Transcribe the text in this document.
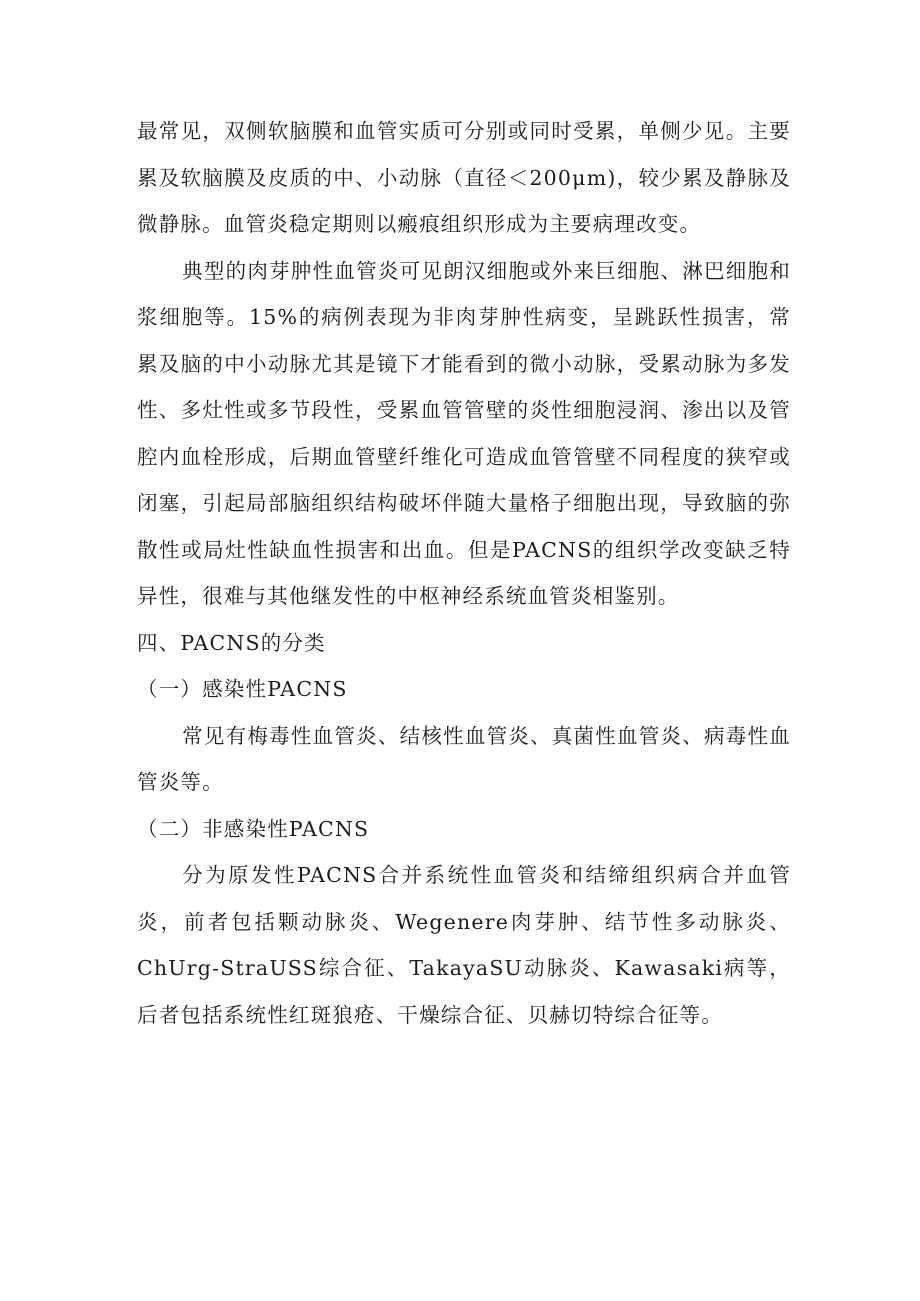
最常见，双侧软脑膜和血管实质可分别或同时受累，单侧少见。主要累及软脑膜及皮质的中、小动脉（直径＜200μm)，较少累及静脉及微静脉。血管炎稳定期则以瘢痕组织形成为主要病理改变。

典型的肉芽肿性血管炎可见朗汉细胞或外来巨细胞、淋巴细胞和浆细胞等。15%的病例表现为非肉芽肿性病变，呈跳跃性损害，常累及脑的中小动脉尤其是镜下才能看到的微小动脉，受累动脉为多发性、多灶性或多节段性，受累血管管壁的炎性细胞浸润、渗出以及管腔内血栓形成，后期血管壁纤维化可造成血管管壁不同程度的狭窄或闭塞，引起局部脑组织结构破坏伴随大量格子细胞出现，导致脑的弥散性或局灶性缺血性损害和出血。但是PACNS的组织学改变缺乏特异性，很难与其他继发性的中枢神经系统血管炎相鉴别。

四、PACNS的分类

（一）感染性PACNS

常见有梅毒性血管炎、结核性血管炎、真菌性血管炎、病毒性血管炎等。

（二）非感染性PACNS

分为原发性PACNS合并系统性血管炎和结缔组织病合并血管炎，前者包括颗动脉炎、Wegenere肉芽肿、结节性多动脉炎、ChUrg-StraUSS综合征、TakayaSU动脉炎、Kawasaki病等，后者包括系统性红斑狼疮、干燥综合征、贝赫切特综合征等。
